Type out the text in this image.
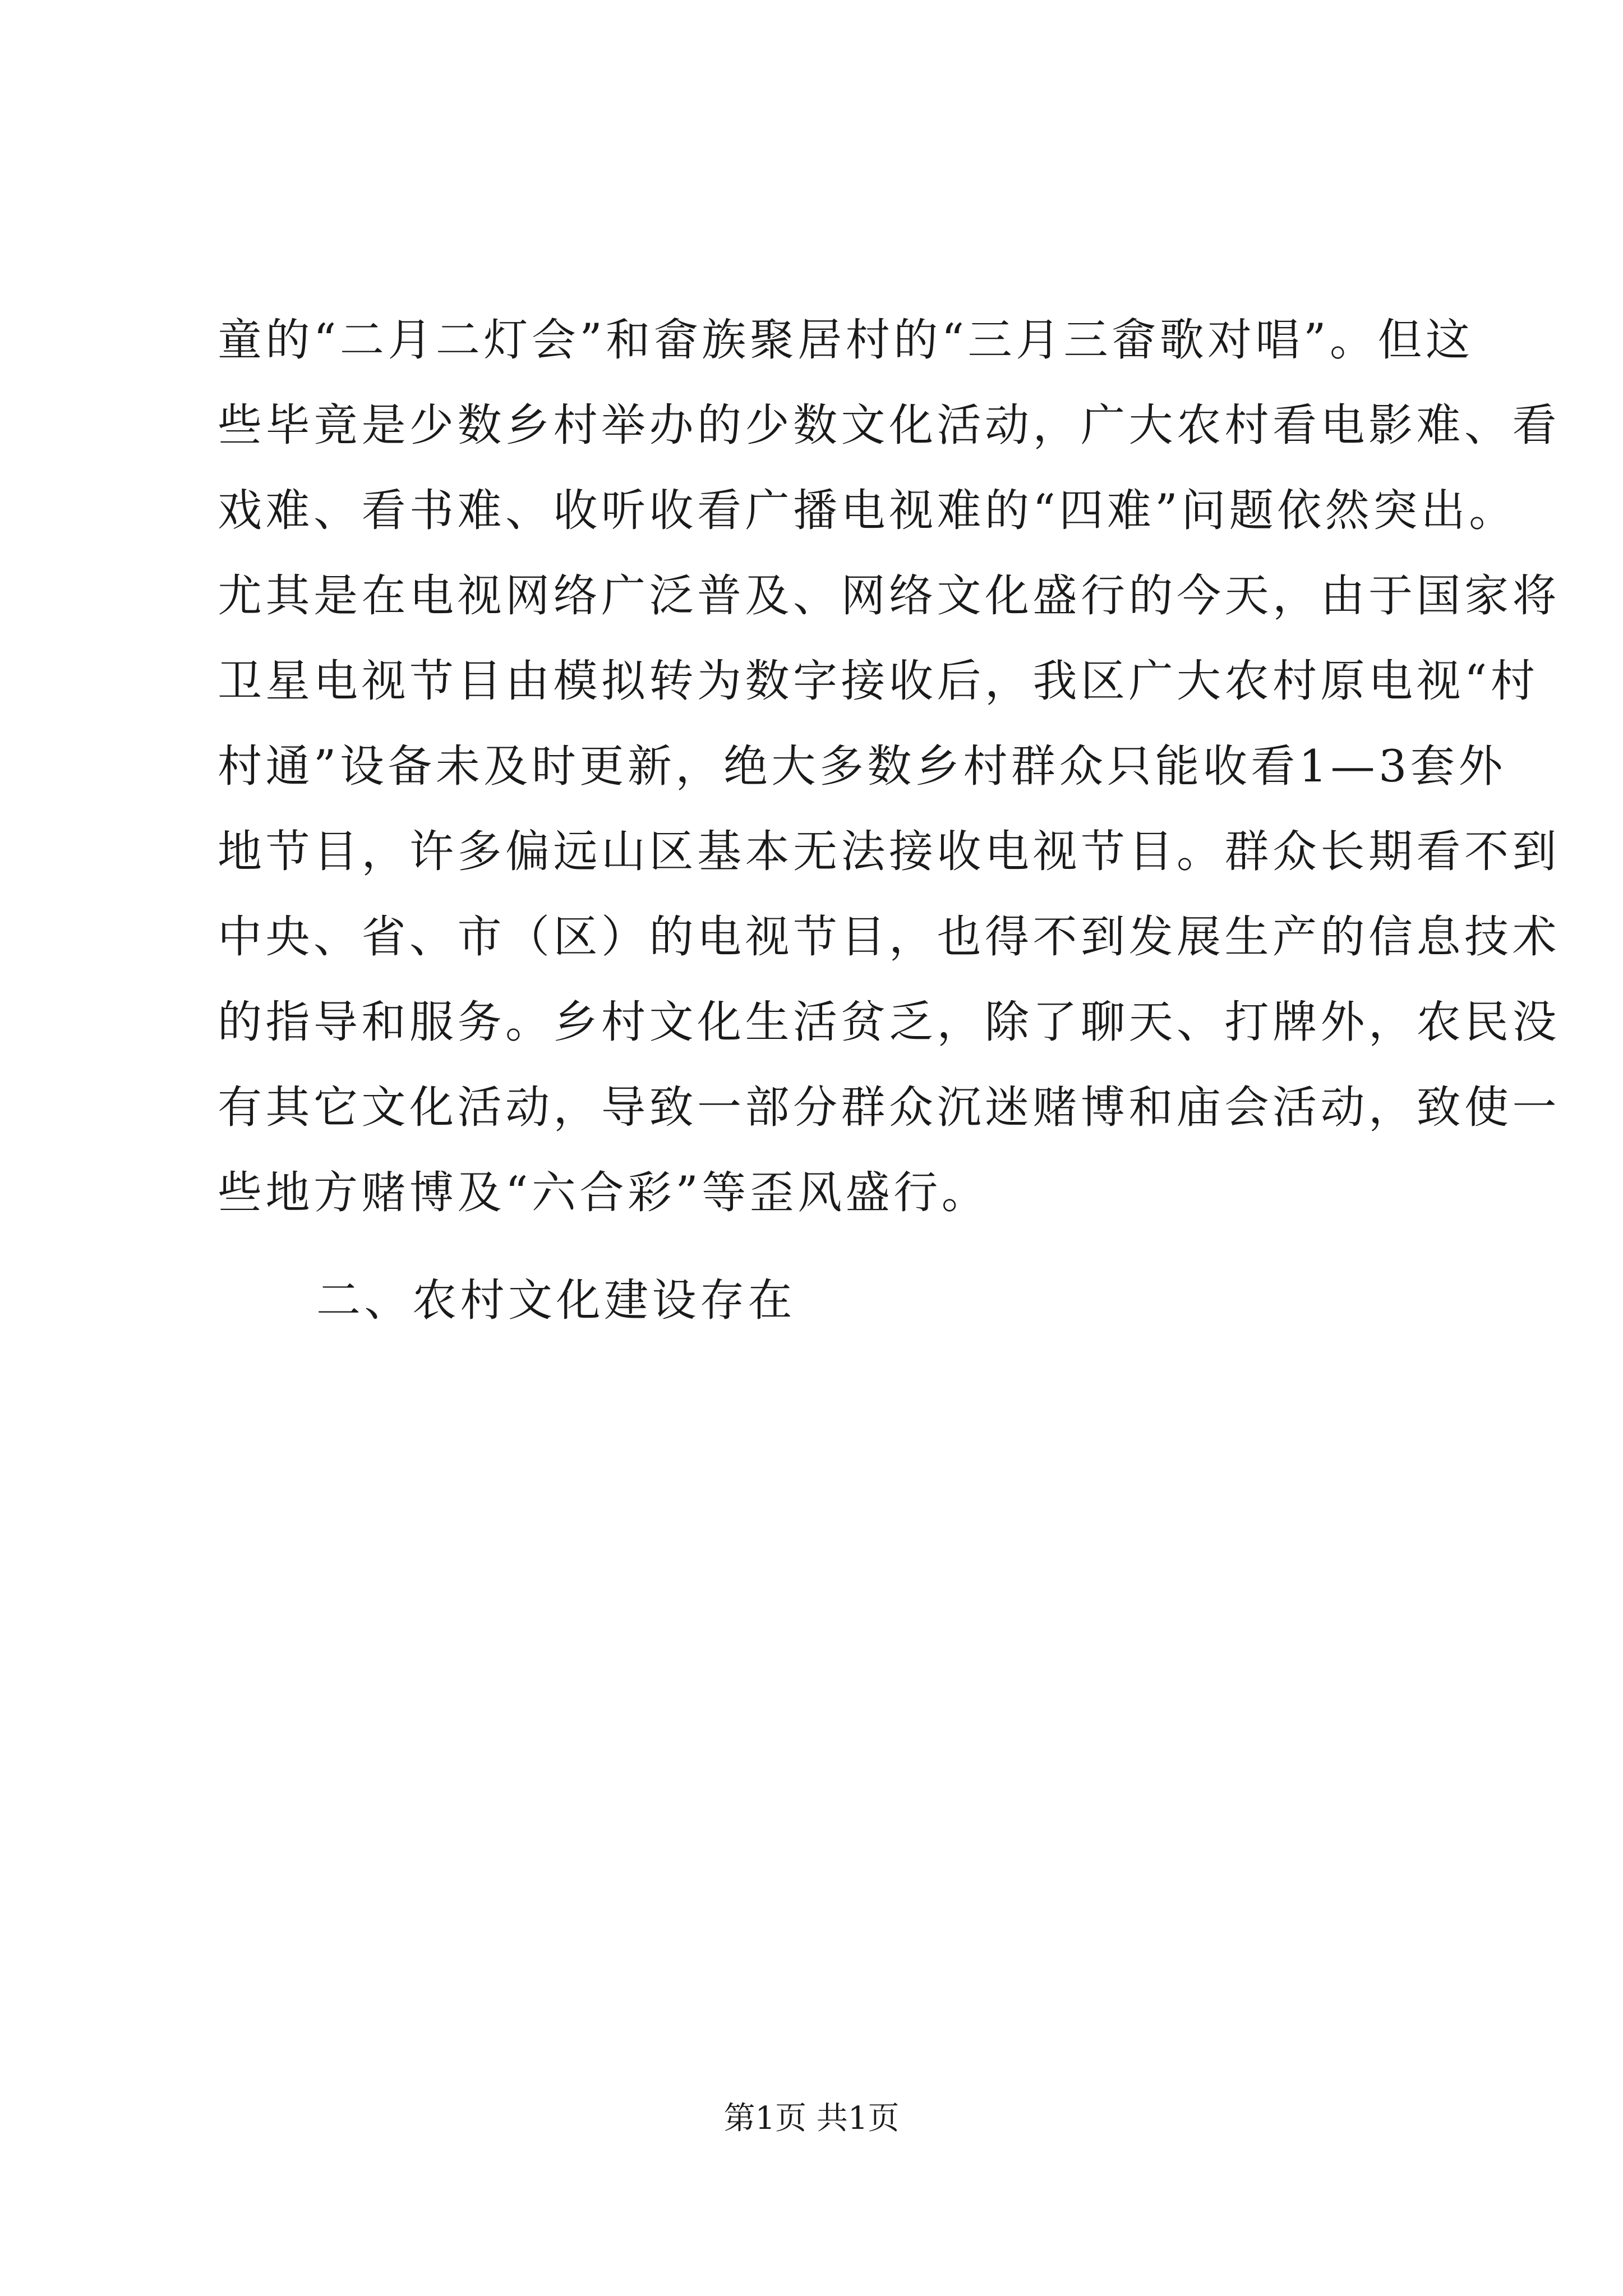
童的“二月二灯会”和畲族聚居村的“三月三畲歌对唱”。但这
些毕竟是少数乡村举办的少数文化活动，广大农村看电影难、看
戏难、看书难、收听收看广播电视难的“四难”问题依然突出。
尤其是在电视网络广泛普及、网络文化盛行的今天，由于国家将
卫星电视节目由模拟转为数字接收后，我区广大农村原电视“村
村通”设备未及时更新，绝大多数乡村群众只能收看1—3套外
地节目，许多偏远山区基本无法接收电视节目。群众长期看不到
中央、省、市（区）的电视节目，也得不到发展生产的信息技术
的指导和服务。乡村文化生活贫乏，除了聊天、打牌外，农民没
有其它文化活动，导致一部分群众沉迷赌博和庙会活动，致使一
些地方赌博及“六合彩”等歪风盛行。
二、农村文化建设存在
第1页 共1页
